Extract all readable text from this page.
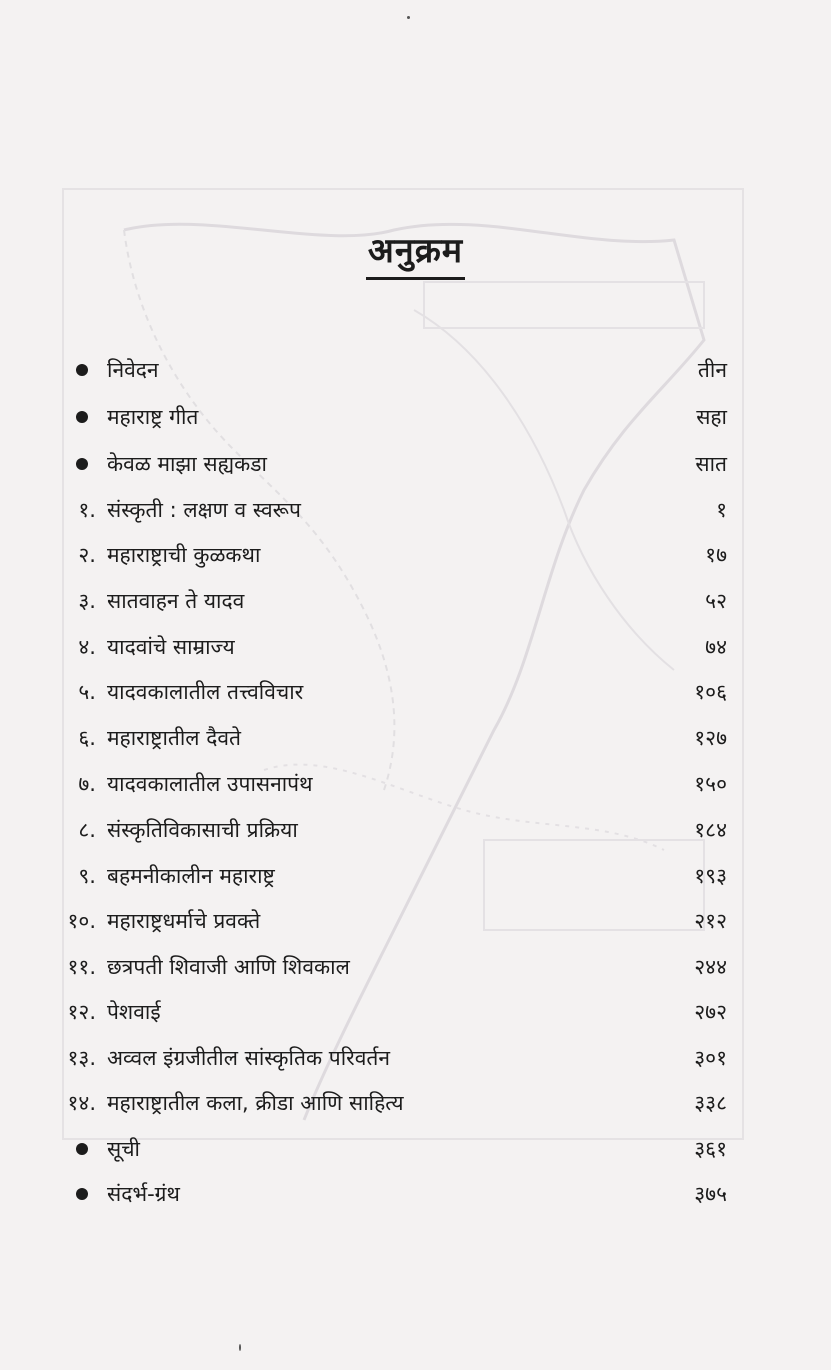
अनुक्रम
निवेदन	तीन
महाराष्ट्र गीत	सहा
केवळ माझा सह्यकडा	सात
१. संस्कृती : लक्षण व स्वरूप	१
२. महाराष्ट्राची कुळकथा	१७
३. सातवाहन ते यादव	५२
४. यादवांचे साम्राज्य	७४
५. यादवकालातील तत्त्वविचार	१०६
६. महाराष्ट्रातील दैवते	१२७
७. यादवकालातील उपासनापंथ	१५०
८. संस्कृतिविकासाची प्रक्रिया	१८४
९. बहमनीकालीन महाराष्ट्र	१९३
१०. महाराष्ट्रधर्माचे प्रवक्ते	२१२
११. छत्रपती शिवाजी आणि शिवकाल	२४४
१२. पेशवाई	२७२
१३. अव्वल इंग्रजीतील सांस्कृतिक परिवर्तन	३०१
१४. महाराष्ट्रातील कला, क्रीडा आणि साहित्य	३३८
सूची	३६१
संदर्भ-ग्रंथ	३७५
